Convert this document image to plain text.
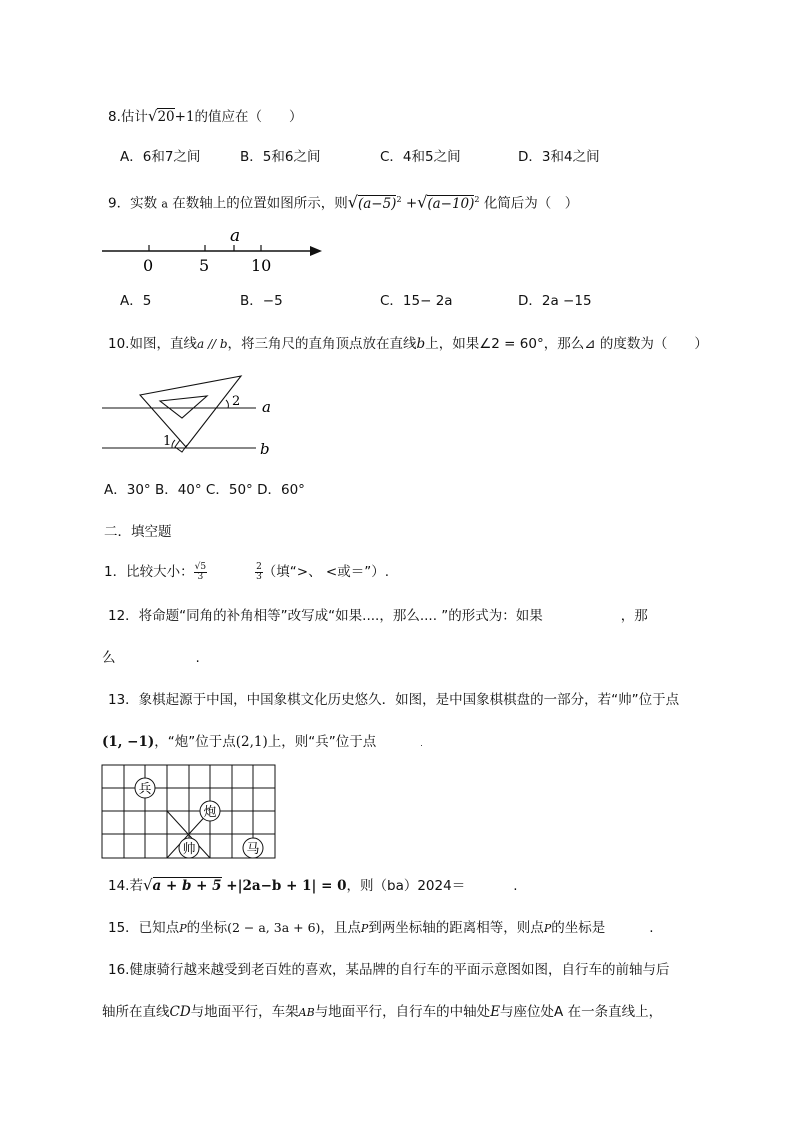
8.估计√20+1的值应在（　　）
A．6和7之间	B．5和6之间	C．4和5之间	D．3和4之间
9．实数 a 在数轴上的位置如图所示，则$√(a-5)^2 +√(a-10)^2$ 化简后为（　）
a
0	5	10
A．5	B．−5	C．15− 2a	D．2a −15
10.如图，直线a // b，将三角尺的直角顶点放在直线b上，如果∠2 = 60°，那么⊿ 的度数为（　　）
2
1
a
b
A．30° B．40° C．50° D．60°
二．填空题
1．比较大小： $\frac{√5}{3}$	$\frac{2}{3}$ （填“>、 <或＝”）.
12．将命题“同角的补角相等”改写成“如果....，那么.... ”的形式为：如果	，那
么	.
13．象棋起源于中国，中国象棋文化历史悠久．如图，是中国象棋棋盘的一部分，若“帅”位于点
(1, −1)，“炮”位于点(2,1)上，则“兵”位于点	.
兵
炮
帅	马
14.若√a + b + 5 +|2a−b + 1| = 0，则（ba）2024＝	.
15．已知点P的坐标(2 − a, 3a + 6)，且点P到两坐标轴的距离相等，则点P的坐标是	.
16.健康骑行越来越受到老百姓的喜欢，某品牌的自行车的平面示意图如图，自行车的前轴与后
轴所在直线CD与地面平行，车架AB与地面平行，自行车的中轴处E与座位处A 在一条直线上，
